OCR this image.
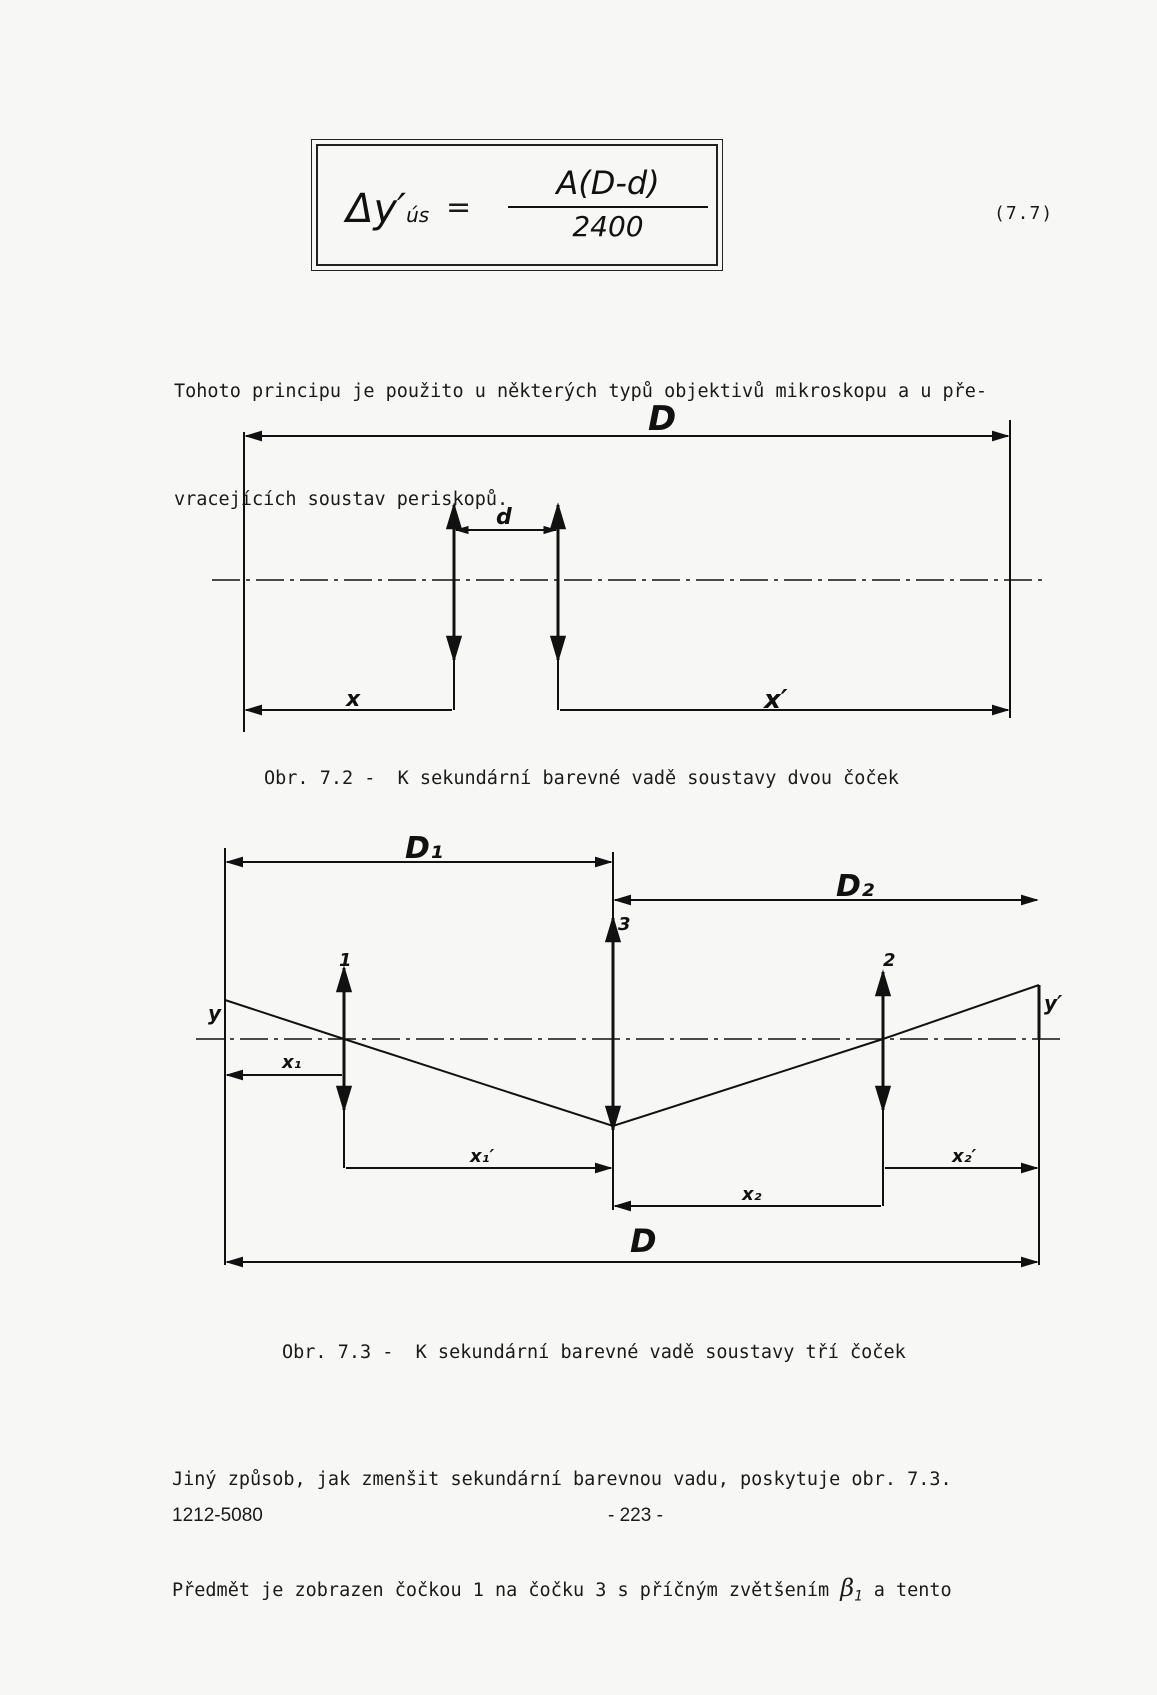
Δy′ús =
A(D-d)
2400	(7.7)

Tohoto principu je použito u některých typů objektivů mikroskopu a u pře-

vracejících soustav periskopů.

D
d
x	x′
D₁
D₂
D
1
3
2
y	y′
x₁
x₁′
x₂
x₂′
Obr. 7.2 -  K sekundární barevné vadě soustavy dvou čoček
Obr. 7.3 -  K sekundární barevné vadě soustavy tří čoček

Jiný způsob, jak zmenšit sekundární barevnou vadu, poskytuje obr. 7.3.

Předmět je zobrazen čočkou 1 na čočku 3 s příčným zvětšením $\beta_1$ a tento

1212-5080	- 223 -
